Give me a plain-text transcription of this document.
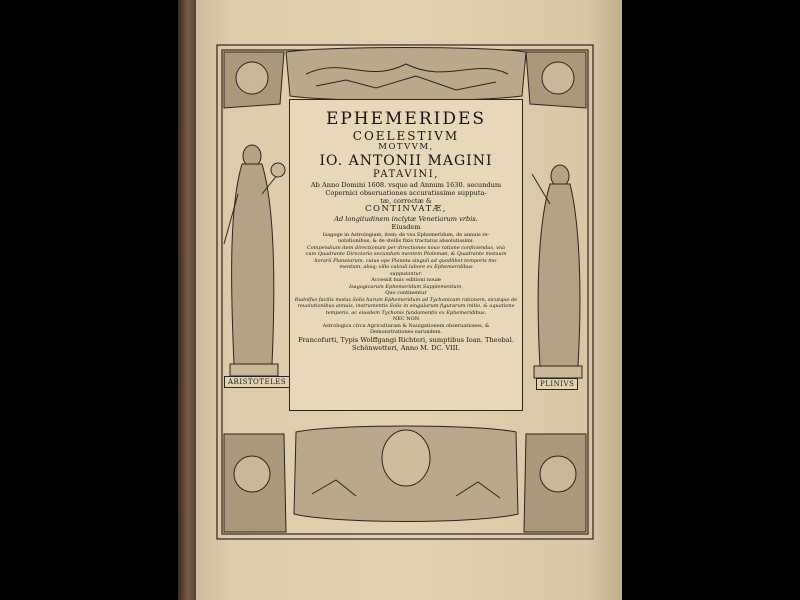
EPHEMERIDES
COELESTIVM
MOTVVM,
IO. ANTONII MAGINI
PATAVINI,
Ab Anno Domini 1608. vsque ad Annum 1630. secundum
Copernici obseruationes accuratissime supputa-
tæ, correctæ &
CONTINVATÆ,
Ad longitudinem inclytæ Venetiarum vrbis.
Eiusdem
Isagoge in Astrologiam, item; de vsu Ephemeridum, de annuis re-
uolutionibus, & de stellis fixis tractatus absolutissimi.
Compendium item directionum per directiones nouo ratione conficiendas, vnà
cum Quadrante Directorio secundum mentem Ptolemæi, & Quadrante motuum
horarii Planetarum, cuius ope Planeta singuli ad quodlibet temporis mo-
mentum, absq; villo calculi labore ex Ephemeridibus
supputantur.
Accessit huic editioni nouæ
Isagogicarum Ephemeridum Supplementum,
Quo continentur
Rudolfus facilis motus Solis harum Ephemeridum ad Tychonicam rationem, sicutque de
reuolutionibus annuis, instrumentis Solis in singularum figurarum initio, & aquatione
temporis, ac eiusdem Tychonis fundamentis ex Ephemeridibus.
NEC NON
Astrologica circa Agriculturam & Nauigationem obseruationes, &
Demonstrationes earundem.
Francofurti, Typis Wolffgangi Richteri, sumptibus Ioan. Theobal.
Schönwetteri, Anno M. DC. VIII.
ARISTOTELES	PLINIVS
